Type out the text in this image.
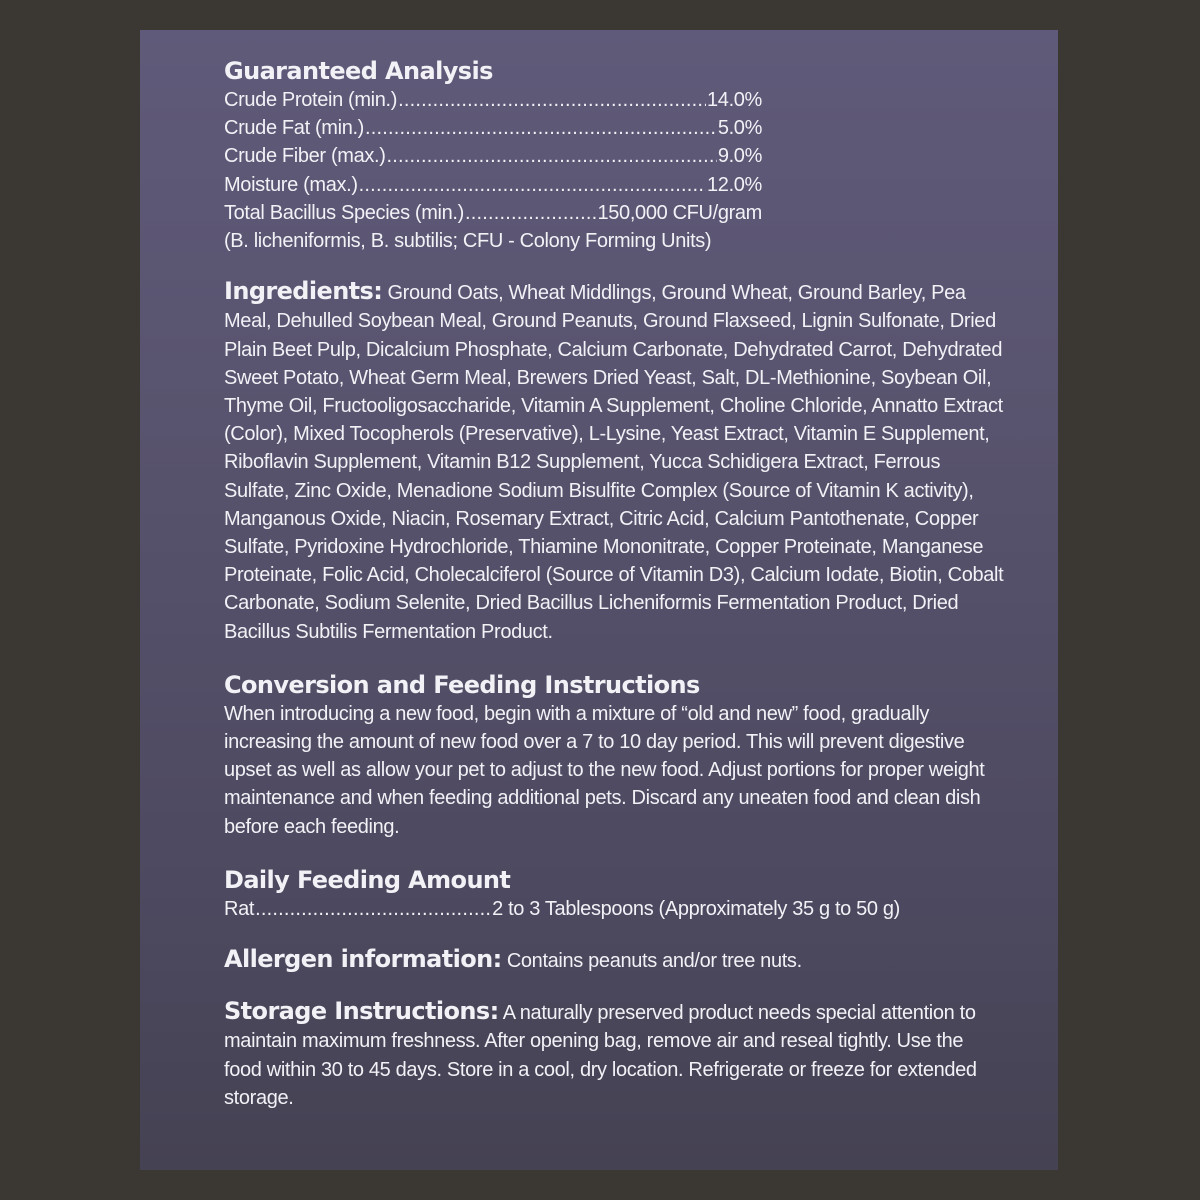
Guaranteed Analysis
Crude Protein (min.) .....	14.0%
Crude Fat (min.) .....	5.0%
Crude Fiber (max.) .....	9.0%
Moisture (max.) .....	12.0%
Total Bacillus Species (min.) .....	150,000 CFU/gram
(B. licheniformis, B. subtilis; CFU - Colony Forming Units)

Ingredients: Ground Oats, Wheat Middlings, Ground Wheat, Ground Barley, Pea Meal, Dehulled Soybean Meal, Ground Peanuts, Ground Flaxseed, Lignin Sulfonate, Dried Plain Beet Pulp, Dicalcium Phosphate, Calcium Carbonate, Dehydrated Carrot, Dehydrated Sweet Potato, Wheat Germ Meal, Brewers Dried Yeast, Salt, DL-Methionine, Soybean Oil, Thyme Oil, Fructooligosaccharide, Vitamin A Supplement, Choline Chloride, Annatto Extract (Color), Mixed Tocopherols (Preservative), L-Lysine, Yeast Extract, Vitamin E Supplement, Riboflavin Supplement, Vitamin B12 Supplement, Yucca Schidigera Extract, Ferrous Sulfate, Zinc Oxide, Menadione Sodium Bisulfite Complex (Source of Vitamin K activity), Manganous Oxide, Niacin, Rosemary Extract, Citric Acid, Calcium Pantothenate, Copper Sulfate, Pyridoxine Hydrochloride, Thiamine Mononitrate, Copper Proteinate, Manganese Proteinate, Folic Acid, Cholecalciferol (Source of Vitamin D3), Calcium Iodate, Biotin, Cobalt Carbonate, Sodium Selenite, Dried Bacillus Licheniformis Fermentation Product, Dried Bacillus Subtilis Fermentation Product.

Conversion and Feeding Instructions

When introducing a new food, begin with a mixture of “old and new” food, gradually increasing the amount of new food over a 7 to 10 day period. This will prevent digestive upset as well as allow your pet to adjust to the new food. Adjust portions for proper weight maintenance and when feeding additional pets. Discard any uneaten food and clean dish before each feeding.

Daily Feeding Amount
Rat .....	2 to 3 Tablespoons (Approximately 35 g to 50 g)

Allergen information: Contains peanuts and/or tree nuts.

Storage Instructions: A naturally preserved product needs special attention to maintain maximum freshness. After opening bag, remove air and reseal tightly. Use the food within 30 to 45 days. Store in a cool, dry location. Refrigerate or freeze for extended storage.
